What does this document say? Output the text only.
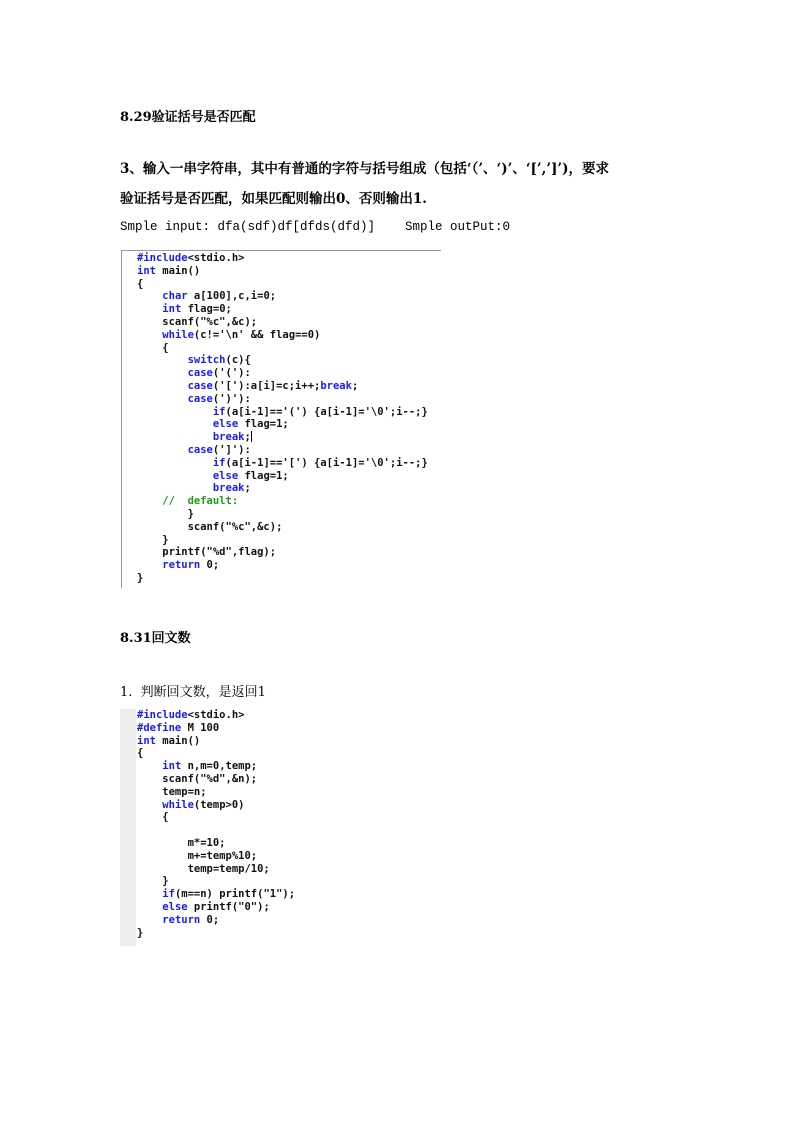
8.29验证括号是否匹配
3、输入一串字符串，其中有普通的字符与括号组成（包括‘（’、‘)’、‘[’,’]’)，要求
验证括号是否匹配，如果匹配则输出0、否则输出1.
Smple input: dfa(sdf)df[dfds(dfd)]    Smple outPut:0
#include<stdio.h>
int main()
{
char a[100],c,i=0;
int flag=0;
scanf("%c",&c);
while(c!='\n' && flag==0)
{
switch(c){
case('('):
case('['):a[i]=c;i++;break;
case(')'):
if(a[i-1]=='(') {a[i-1]='\0';i--;}
else flag=1;
break;
case(']'):
if(a[i-1]=='[') {a[i-1]='\0';i--;}
else flag=1;
break;
//  default:
}
scanf("%c",&c);
}
printf("%d",flag);
return 0;
}
8.31回文数
1.  判断回文数，是返回1
#include<stdio.h>
#define M 100
int main()
{
int n,m=0,temp;
scanf("%d",&n);
temp=n;
while(temp>0)
{

m*=10;
m+=temp%10;
temp=temp/10;
}
if(m==n) printf("1");
else printf("0");
return 0;
}
